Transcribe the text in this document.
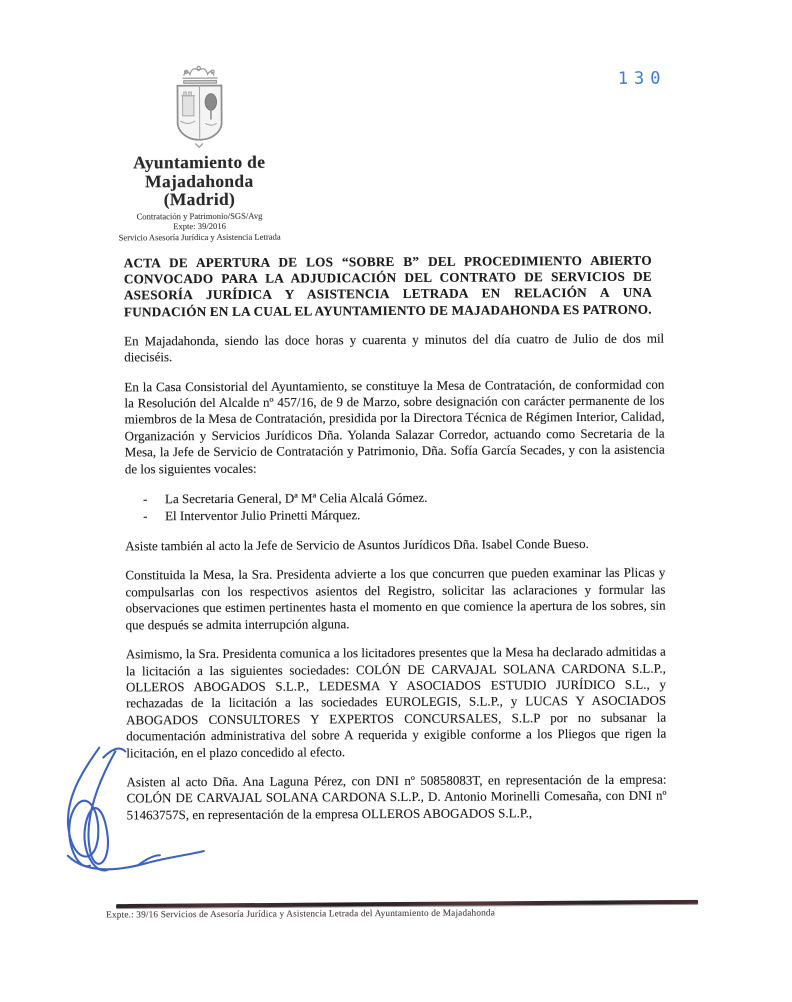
Ayuntamiento de
Majadahonda
(Madrid)
Contratación y Patrimonio/SGS/Avg
Expte: 39/2016
Servicio Asesoría Jurídica y Asistencia Letrada
130

ACTA DE APERTURA DE LOS “SOBRE B” DEL PROCEDIMIENTO ABIERTO CONVOCADO PARA LA ADJUDICACIÓN DEL CONTRATO DE SERVICIOS DE ASESORÍA JURÍDICA Y ASISTENCIA LETRADA EN RELACIÓN A UNA FUNDACIÓN EN LA CUAL EL AYUNTAMIENTO DE MAJADAHONDA ES PATRONO.

En Majadahonda, siendo las doce horas y cuarenta y minutos del día cuatro de Julio de dos mil dieciséis.

En la Casa Consistorial del Ayuntamiento, se constituye la Mesa de Contratación, de conformidad con la Resolución del Alcalde nº 457/16, de 9 de Marzo, sobre designación con carácter permanente de los miembros de la Mesa de Contratación, presidida por la Directora Técnica de Régimen Interior, Calidad, Organización y Servicios Jurídicos Dña. Yolanda Salazar Corredor, actuando como Secretaria de la Mesa, la Jefe de Servicio de Contratación y Patrimonio, Dña. Sofía García Secades, y con la asistencia de los siguientes vocales:

-	La Secretaria General, Dª Mª Celia Alcalá Gómez.
-	El Interventor Julio Prinetti Márquez.

Asiste también al acto la Jefe de Servicio de Asuntos Jurídicos Dña. Isabel Conde Bueso.

Constituida la Mesa, la Sra. Presidenta advierte a los que concurren que pueden examinar las Plicas y compulsarlas con los respectivos asientos del Registro, solicitar las aclaraciones y formular las observaciones que estimen pertinentes hasta el momento en que comience la apertura de los sobres, sin que después se admita interrupción alguna.

Asimismo, la Sra. Presidenta comunica a los licitadores presentes que la Mesa ha declarado admitidas a la licitación a las siguientes sociedades: COLÓN DE CARVAJAL SOLANA CARDONA S.L.P., OLLEROS ABOGADOS S.L.P., LEDESMA Y ASOCIADOS ESTUDIO JURÍDICO S.L., y rechazadas de la licitación a las sociedades EUROLEGIS, S.L.P., y LUCAS Y ASOCIADOS ABOGADOS CONSULTORES Y EXPERTOS CONCURSALES, S.L.P por no subsanar la documentación administrativa del sobre A requerida y exigible conforme a los Pliegos que rigen la licitación, en el plazo concedido al efecto.

Asisten al acto Dña. Ana Laguna Pérez, con DNI nº 50858083T, en representación de la empresa: COLÓN DE CARVAJAL SOLANA CARDONA S.L.P., D. Antonio Morinelli Comesaña, con DNI nº 51463757S, en representación de la empresa OLLEROS ABOGADOS S.L.P.,

Expte.: 39/16 Servicios de Asesoría Jurídica y Asistencia Letrada del Ayuntamiento de Majadahonda
